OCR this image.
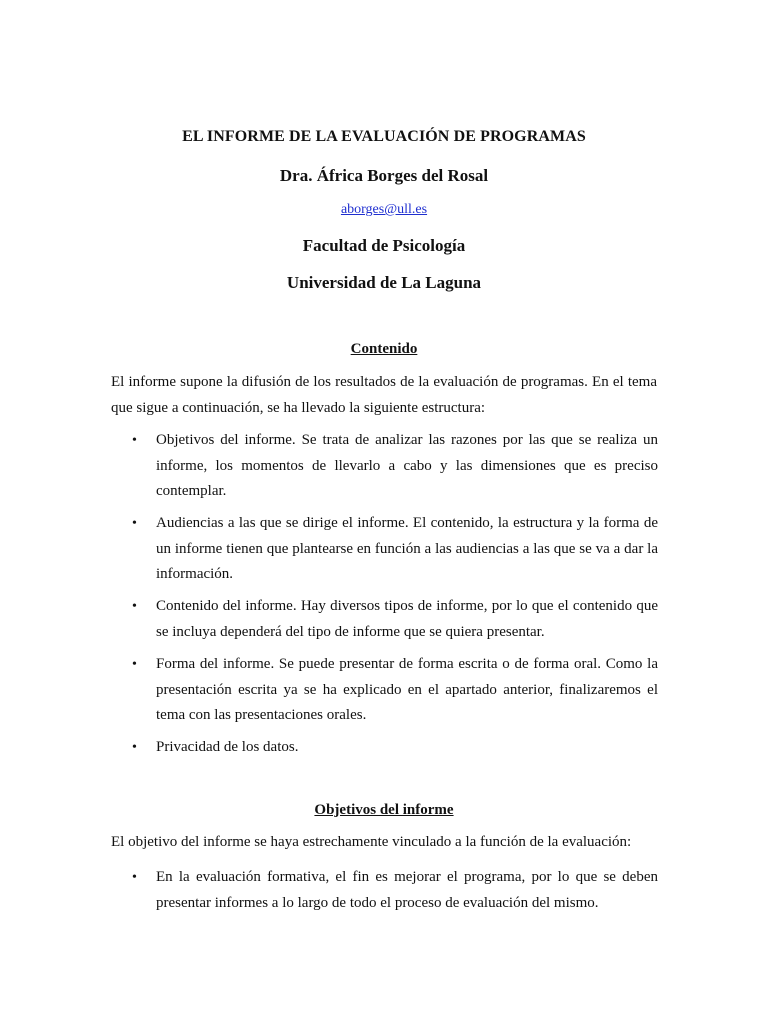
EL INFORME DE LA EVALUACIÓN DE PROGRAMAS
Dra. África Borges del Rosal
aborges@ull.es
Facultad de Psicología
Universidad de La Laguna
Contenido
El informe supone la difusión de los resultados de la evaluación de programas. En el tema que sigue a continuación, se ha llevado la siguiente estructura:
• Objetivos del informe. Se trata de analizar las razones por las que se realiza un informe, los momentos de llevarlo a cabo y las dimensiones que es preciso contemplar.
• Audiencias a las que se dirige el informe. El contenido, la estructura y la forma de un informe tienen que plantearse en función a las audiencias a las que se va a dar la información.
• Contenido del informe. Hay diversos tipos de informe, por lo que el contenido que se incluya dependerá del tipo de informe que se quiera presentar.
• Forma del informe. Se puede presentar de forma escrita o de forma oral. Como la presentación escrita ya se ha explicado en el apartado anterior, finalizaremos el tema con las presentaciones orales.
• Privacidad de los datos.
Objetivos del informe
El objetivo del informe se haya estrechamente vinculado a la función de la evaluación:
• En la evaluación formativa, el fin es mejorar el programa, por lo que se deben presentar informes a lo largo de todo el proceso de evaluación del mismo.
